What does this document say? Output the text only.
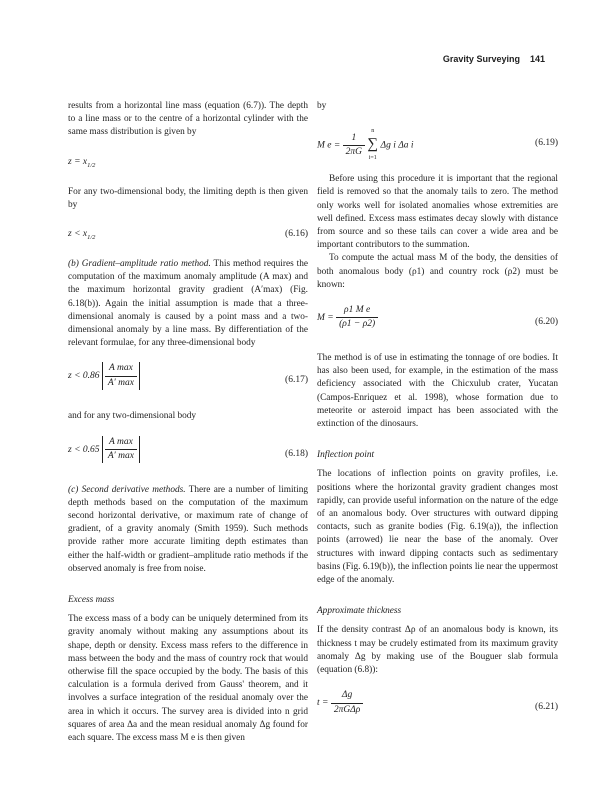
Gravity Surveying 141

results from a horizontal line mass (equation (6.7)). The depth to a line mass or to the centre of a horizontal cylinder with the same mass distribution is given by

$z = x_{1/2}$

For any two-dimensional body, the limiting depth is then given by

$z < x_{1/2}$	(6.16)

(b) Gradient–amplitude ratio method. This method requires the computation of the maximum anomaly amplitude (A max) and the maximum horizontal gravity gradient (A′max) (Fig. 6.18(b)). Again the initial assumption is made that a three-dimensional anomaly is caused by a point mass and a two-dimensional anomaly by a line mass. By differentiation of the relevant formulae, for any three-dimensional body

$z < 0.86 \frac{\text{A max}}{A' \max}$	(6.17)

and for any two-dimensional body

$z < 0.65 \frac{\text{A max}}{A' \max}$	(6.18)

(c) Second derivative methods. There are a number of limiting depth methods based on the computation of the maximum second horizontal derivative, or maximum rate of change of gradient, of a gravity anomaly (Smith 1959). Such methods provide rather more accurate limiting depth estimates than either the half-width or gradient–amplitude ratio methods if the observed anomaly is free from noise.

Excess mass

The excess mass of a body can be uniquely determined from its gravity anomaly without making any assumptions about its shape, depth or density. Excess mass refers to the difference in mass between the body and the mass of country rock that would otherwise fill the space occupied by the body. The basis of this calculation is a formula derived from Gauss' theorem, and it involves a surface integration of the residual anomaly over the area in which it occurs. The survey area is divided into n grid squares of area Δa and the mean residual anomaly Δg found for each square. The excess mass M e is then given

by

M $e = \frac{1}{2\pi G}$

n
∑
i=1
Δg i Δa i	(6.19)

Before using this procedure it is important that the regional field is removed so that the anomaly tails to zero. The method only works well for isolated anomalies whose extremities are well defined. Excess mass estimates decay slowly with distance from source and so these tails can cover a wide area and be important contributors to the summation.

To compute the actual mass M of the body, the densities of both anomalous body (ρ1) and country rock (ρ2) must be known:

$M = \frac{\text{ρ1 M e}}{(\rho 1 - \rho 2)}$	(6.20)

The method is of use in estimating the tonnage of ore bodies. It has also been used, for example, in the estimation of the mass deficiency associated with the Chicxulub crater, Yucatan (Campos-Enriquez et al. 1998), whose formation due to meteorite or asteroid impact has been associated with the extinction of the dinosaurs.

Inflection point

The locations of inflection points on gravity profiles, i.e. positions where the horizontal gravity gradient changes most rapidly, can provide useful information on the nature of the edge of an anomalous body. Over structures with outward dipping contacts, such as granite bodies (Fig. 6.19(a)), the inflection points (arrowed) lie near the base of the anomaly. Over structures with inward dipping contacts such as sedimentary basins (Fig. 6.19(b)), the inflection points lie near the uppermost edge of the anomaly.

Approximate thickness

If the density contrast Δρ of an anomalous body is known, its thickness t may be crudely estimated from its maximum gravity anomaly Δg by making use of the Bouguer slab formula (equation (6.8)):

$t = \frac{\Delta g}{\text{2πGΔρ}}$	(6.21)
